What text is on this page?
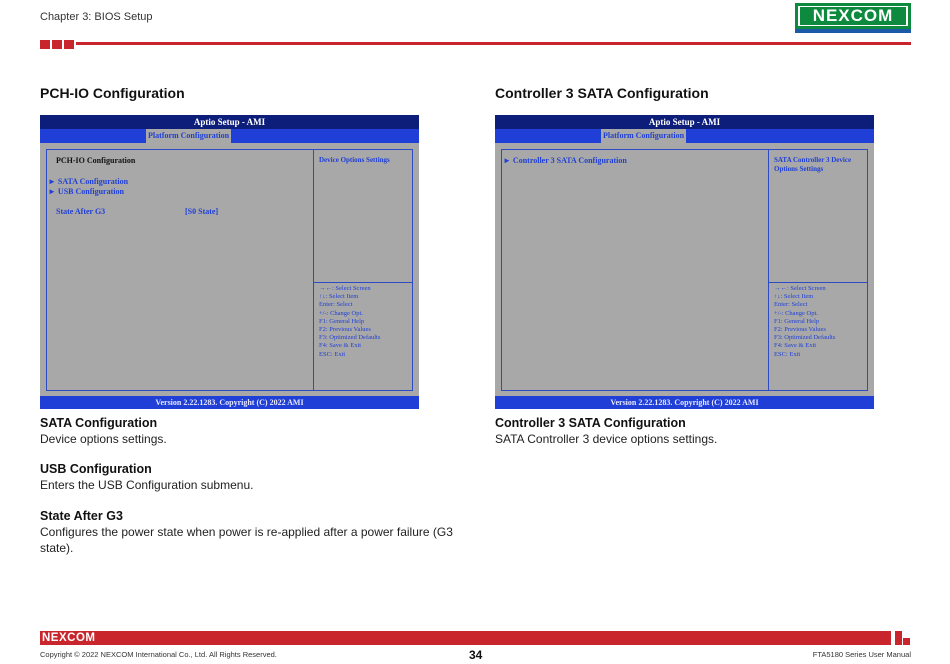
Chapter 3: BIOS Setup	NEXCOM
PCH-IO Configuration
Aptio Setup - AMI
Platform Configuration
PCH-IO Configuration
► SATA Configuration
► USB Configuration
State After G3	[S0 State]
Device Options Settings
→←: Select Screen
↑↓: Select Item
Enter: Select
+/-: Change Opt.
F1: General Help
F2: Previous Values
F3: Optimized Defaults
F4: Save & Exit
ESC: Exit
Version 2.22.1283. Copyright (C) 2022 AMI
SATA Configuration
Device options settings.
USB Configuration
Enters the USB Configuration submenu.
State After G3
Configures the power state when power is re-applied after a power failure (G3 state).
Controller 3 SATA Configuration
Aptio Setup - AMI
Platform Configuration
► Controller 3 SATA Configuration	SATA Controller 3 Device Options Settings
→←: Select Screen
↑↓: Select Item
Enter: Select
+/-: Change Opt.
F1: General Help
F2: Previous Values
F3: Optimized Defaults
F4: Save & Exit
ESC: Exit
Version 2.22.1283. Copyright (C) 2022 AMI
Controller 3 SATA Configuration
SATA Controller 3 device options settings.
NEXCOM
Copyright © 2022 NEXCOM International Co., Ltd. All Rights Reserved.	34	FTA5180 Series User Manual
